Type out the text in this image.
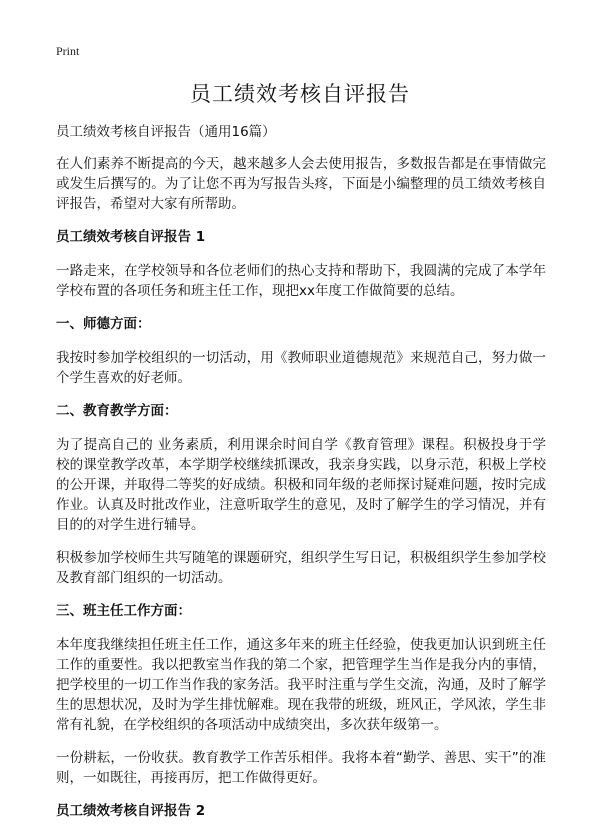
Print
员工绩效考核自评报告
员工绩效考核自评报告（通用16篇）

在人们素养不断提高的今天，越来越多人会去使用报告，多数报告都是在事情做完或发生后撰写的。为了让您不再为写报告头疼，下面是小编整理的员工绩效考核自评报告，希望对大家有所帮助。

员工绩效考核自评报告 1

一路走来，在学校领导和各位老师们的热心支持和帮助下，我圆满的完成了本学年学校布置的各项任务和班主任工作，现把xx年度工作做简要的总结。

一、师德方面：

我按时参加学校组织的一切活动，用《教师职业道德规范》来规范自己，努力做一个学生喜欢的好老师。

二、教育教学方面：

为了提高自己的 业务素质，利用课余时间自学《教育管理》课程。积极投身于学校的课堂教学改革，本学期学校继续抓课改，我亲身实践，以身示范，积极上学校的公开课，并取得二等奖的好成绩。积极和同年级的老师探讨疑难问题，按时完成作业。认真及时批改作业，注意听取学生的意见，及时了解学生的学习情况，并有目的的对学生进行辅导。

积极参加学校师生共写随笔的课题研究，组织学生写日记，积极组织学生参加学校及教育部门组织的一切活动。

三、班主任工作方面：

本年度我继续担任班主任工作，通这多年来的班主任经验，使我更加认识到班主任工作的重要性。我以把教室当作我的第二个家，把管理学生当作是我分内的事情，把学校里的一切工作当作我的家务活。我平时注重与学生交流，沟通，及时了解学生的思想状况，及时为学生排忧解难。现在我带的班级，班风正，学风浓，学生非常有礼貌，在学校组织的各项活动中成绩突出，多次获年级第一。

一份耕耘，一份收获。教育教学工作苦乐相伴。我将本着“勤学、善思、实干”的准则，一如既往，再接再厉，把工作做得更好。

员工绩效考核自评报告 2
